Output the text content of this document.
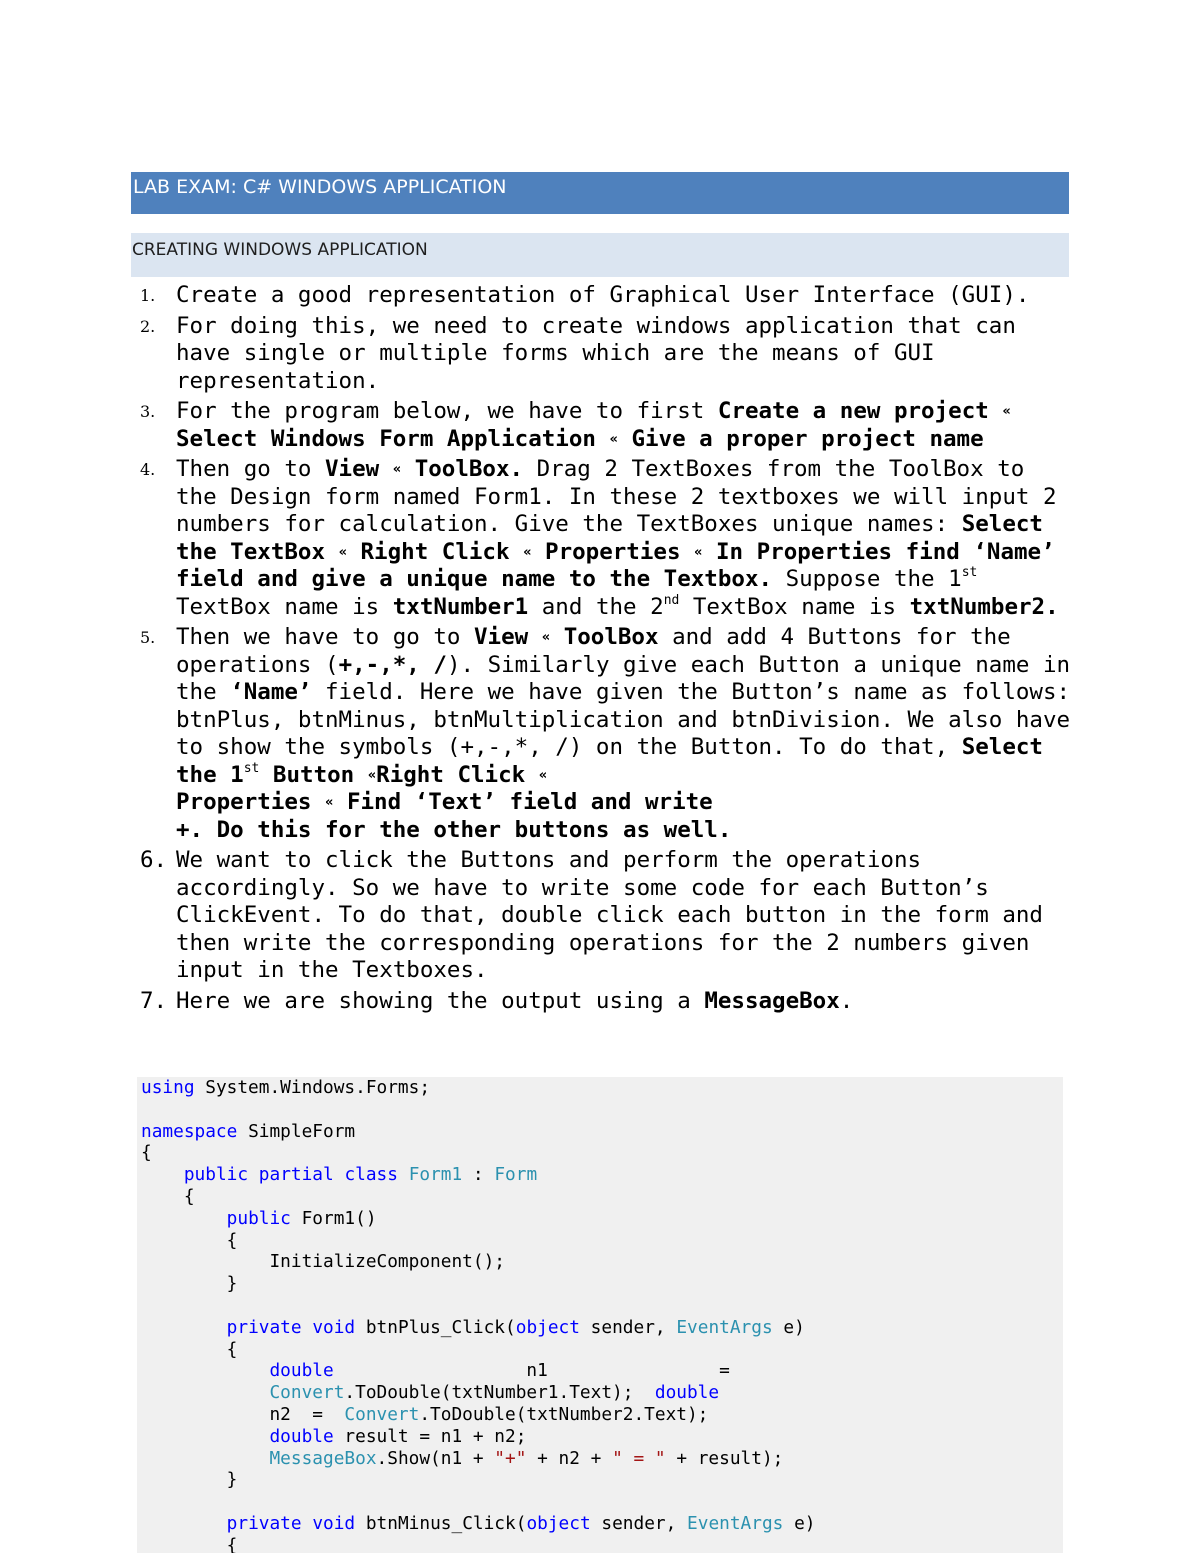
LAB EXAM: C# WINDOWS APPLICATION
CREATING WINDOWS APPLICATION
1. Create a good representation of Graphical User Interface (GUI).
2. For doing this, we need to create windows application that can have single or multiple forms which are the means of GUI representation.
3. For the program below, we have to first Create a new project « Select Windows Form Application « Give a proper project name
4. Then go to View « ToolBox. Drag 2 TextBoxes from the ToolBox to the Design form named Form1. In these 2 textboxes we will input 2 numbers for calculation. Give the TextBoxes unique names: Select the TextBox « Right Click « Properties « In Properties find ‘Name’ field and give a unique name to the Textbox. Suppose the 1st TextBox name is txtNumber1 and the 2nd TextBox name is txtNumber2.
5. Then we have to go to View « ToolBox and add 4 Buttons for the operations (+,-,*, /). Similarly give each Button a unique name in the ‘Name’ field. Here we have given the Button’s name as follows: btnPlus, btnMinus, btnMultiplication and btnDivision. We also have to show the symbols (+,-,*, /) on the Button. To do that, Select the 1st Button «Right Click «
Properties « Find ‘Text’ field and write
+. Do this for the other buttons as well.
6. We want to click the Buttons and perform the operations accordingly. So we have to write some code for each Button’s ClickEvent. To do that, double click each button in the form and then write the corresponding operations for the 2 numbers given input in the Textboxes.
7. Here we are showing the output using a MessageBox.
using System.Windows.Forms;

namespace SimpleForm
{
public partial class Form1 : Form
{
public Form1()
{
InitializeComponent();
}

private void btnPlus_Click(object sender, EventArgs e)
{
double                  n1                =
Convert.ToDouble(txtNumber1.Text);  double
n2  =  Convert.ToDouble(txtNumber2.Text);
double result = n1 + n2;
MessageBox.Show(n1 + "+" + n2 + " = " + result);
}

private void btnMinus_Click(object sender, EventArgs e)
{
